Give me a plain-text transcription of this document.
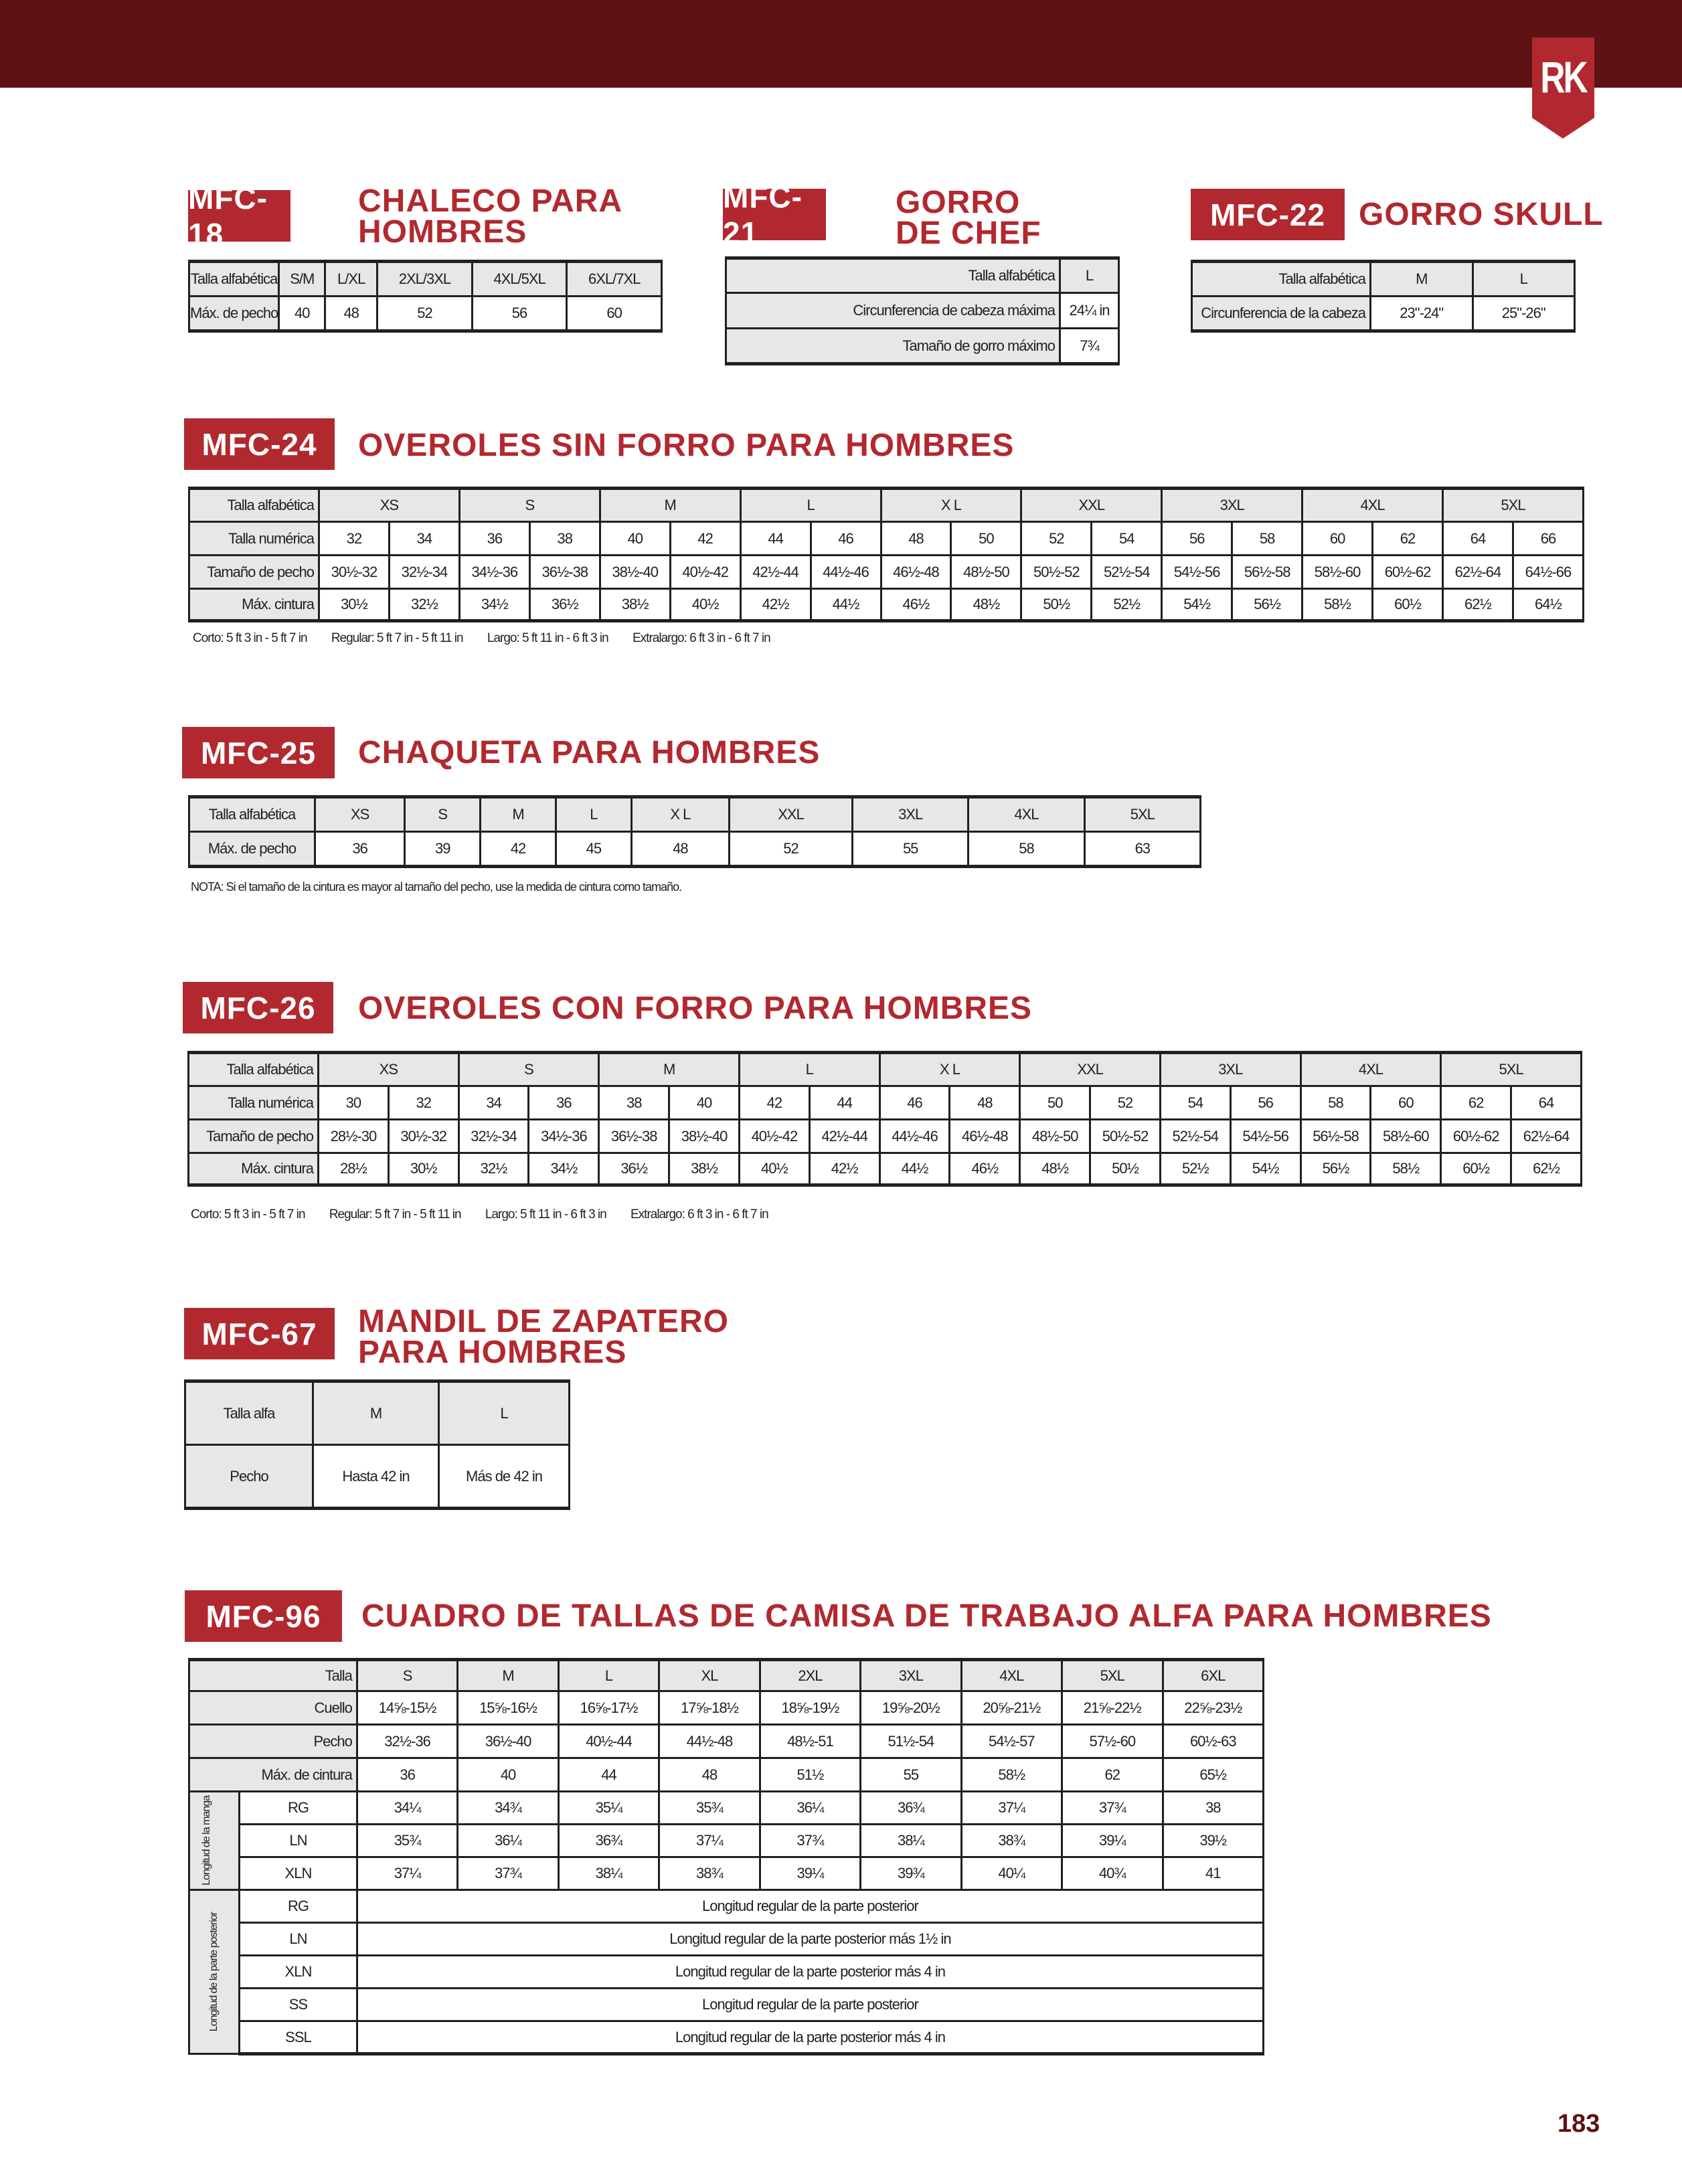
RK
MFC-18
CHALECO PARA
HOMBRES
Talla alfabética	S/M	L/XL	2XL/3XL	4XL/5XL	6XL/7XL
Máx. de pecho	40	48	52	56	60
MFC-21
GORRO
DE CHEF
Talla alfabética	L
Circunferencia de cabeza máxima	24¼ in
Tamaño de gorro máximo	7¾
MFC-22	GORRO SKULL
Talla alfabética	M	L
Circunferencia de la cabeza	23"-24"	25"-26"
MFC-24	OVEROLES SIN FORRO PARA HOMBRES
Talla alfabética	XS		S		M		L		X L		XXL		3XL		4XL		5XL	
Talla numérica	32	34	36	38	40	42	44	46	48	50	52	54	56	58	60	62	64	66
Tamaño de pecho	30½-32	32½-34	34½-36	36½-38	38½-40	40½-42	42½-44	44½-46	46½-48	48½-50	50½-52	52½-54	54½-56	56½-58	58½-60	60½-62	62½-64	64½-66
Máx. cintura	30½	32½	34½	36½	38½	40½	42½	44½	46½	48½	50½	52½	54½	56½	58½	60½	62½	64½
Corto: 5 ft 3 in - 5 ft 7 in Regular: 5 ft 7 in - 5 ft 11 in Largo: 5 ft 11 in - 6 ft 3 in Extralargo: 6 ft 3 in - 6 ft 7 in
MFC-25	CHAQUETA PARA HOMBRES
Talla alfabética	XS	S	M	L	X L	XXL	3XL	4XL	5XL
Máx. de pecho	36	39	42	45	48	52	55	58	63
NOTA: Si el tamaño de la cintura es mayor al tamaño del pecho, use la medida de cintura como tamaño.
MFC-26	OVEROLES CON FORRO PARA HOMBRES
Talla alfabética	XS		S		M		L		X L		XXL		3XL		4XL		5XL	
Talla numérica	30	32	34	36	38	40	42	44	46	48	50	52	54	56	58	60	62	64
Tamaño de pecho	28½-30	30½-32	32½-34	34½-36	36½-38	38½-40	40½-42	42½-44	44½-46	46½-48	48½-50	50½-52	52½-54	54½-56	56½-58	58½-60	60½-62	62½-64
Máx. cintura	28½	30½	32½	34½	36½	38½	40½	42½	44½	46½	48½	50½	52½	54½	56½	58½	60½	62½
Corto: 5 ft 3 in - 5 ft 7 in Regular: 5 ft 7 in - 5 ft 11 in Largo: 5 ft 11 in - 6 ft 3 in Extralargo: 6 ft 3 in - 6 ft 7 in
MFC-67	MANDIL DE ZAPATERO
PARA HOMBRES
Talla alfa	M	L
Pecho	Hasta 42 in	Más de 42 in
MFC-96	CUADRO DE TALLAS DE CAMISA DE TRABAJO ALFA PARA HOMBRES
Talla		S	M	L	XL	2XL	3XL	4XL	5XL	6XL
Cuello		14⅝-15½	15⅝-16½	16⅝-17½	17⅝-18½	18⅝-19½	19⅝-20½	20⅝-21½	21⅝-22½	22⅝-23½
Pecho		32½-36	36½-40	40½-44	44½-48	48½-51	51½-54	54½-57	57½-60	60½-63
Máx. de cintura		36	40	44	48	51½	55	58½	62	65½

Longitud de la manga	RG	34¼	34¾	35¼	35¾	36¼	36¾	37¼	37¾	38
	LN	35¾	36¼	36¾	37¼	37¾	38¼	38¾	39¼	39½
	XLN	37¼	37¾	38¼	38¾	39¼	39¾	40¼	40¾	41

Longitud de la parte posterior	RG	Longitud regular de la parte posterior								
	LN	Longitud regular de la parte posterior más 1½ in								
	XLN	Longitud regular de la parte posterior más 4 in								
	SS	Longitud regular de la parte posterior								
	SSL	Longitud regular de la parte posterior más 4 in								
183
